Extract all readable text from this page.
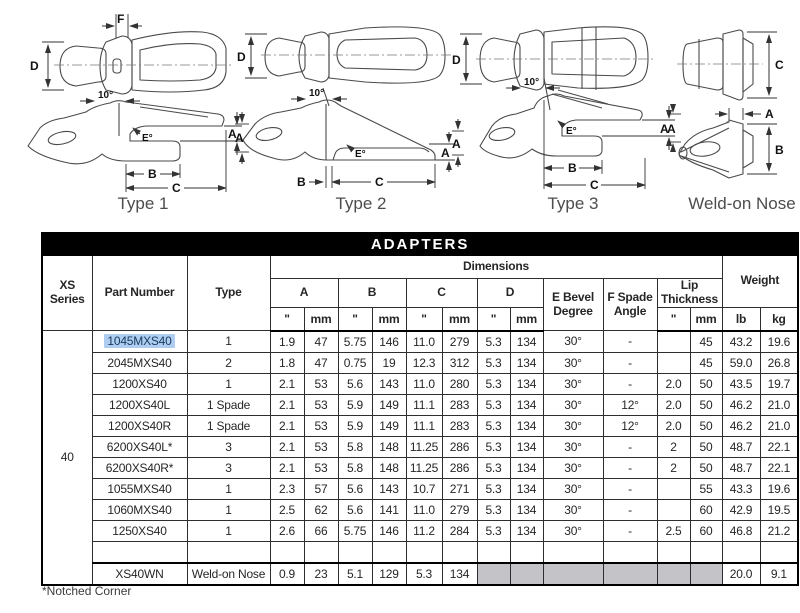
D
F
10°
E°	A
B
C
D
10°
A
E°	A
B	C
D
10°
E°	A
A
B
C
C
A
A
B
Type 1	Type 2	Type 3	Weld-on Nose
ADAPTERS																
XS Series	Part Number	Type	Dimensions												Weight	
			A		B		C		D		E Bevel Degree	F Spade Angle	Lip Thickness			
			"	mm	"	mm	"	mm	"	mm			"	mm	lb	kg
40	1045MXS40	1	1.9	47	5.75	146	11.0	279	5.3	134	30°	-		45	43.2	19.6
	2045MXS40	2	1.8	47	0.75	19	12.3	312	5.3	134	30°	-		45	59.0	26.8
	1200XS40	1	2.1	53	5.6	143	11.0	280	5.3	134	30°	-	2.0	50	43.5	19.7
	1200XS40L	1 Spade	2.1	53	5.9	149	11.1	283	5.3	134	30°	12°	2.0	50	46.2	21.0
	1200XS40R	1 Spade	2.1	53	5.9	149	11.1	283	5.3	134	30°	12°	2.0	50	46.2	21.0
	6200XS40L*	3	2.1	53	5.8	148	11.25	286	5.3	134	30°	-	2	50	48.7	22.1
	6200XS40R*	3	2.1	53	5.8	148	11.25	286	5.3	134	30°	-	2	50	48.7	22.1
	1055MXS40	1	2.3	57	5.6	143	10.7	271	5.3	134	30°	-		55	43.3	19.6
	1060MXS40	1	2.5	62	5.6	141	11.0	279	5.3	134	30°	-		60	42.9	19.5
	1250XS40	1	2.6	66	5.75	146	11.2	284	5.3	134	30°	-	2.5	60	46.8	21.2

	XS40WN	Weld-on Nose	0.9	23	5.1	129	5.3	134							20.0	9.1
*Notched Corner
